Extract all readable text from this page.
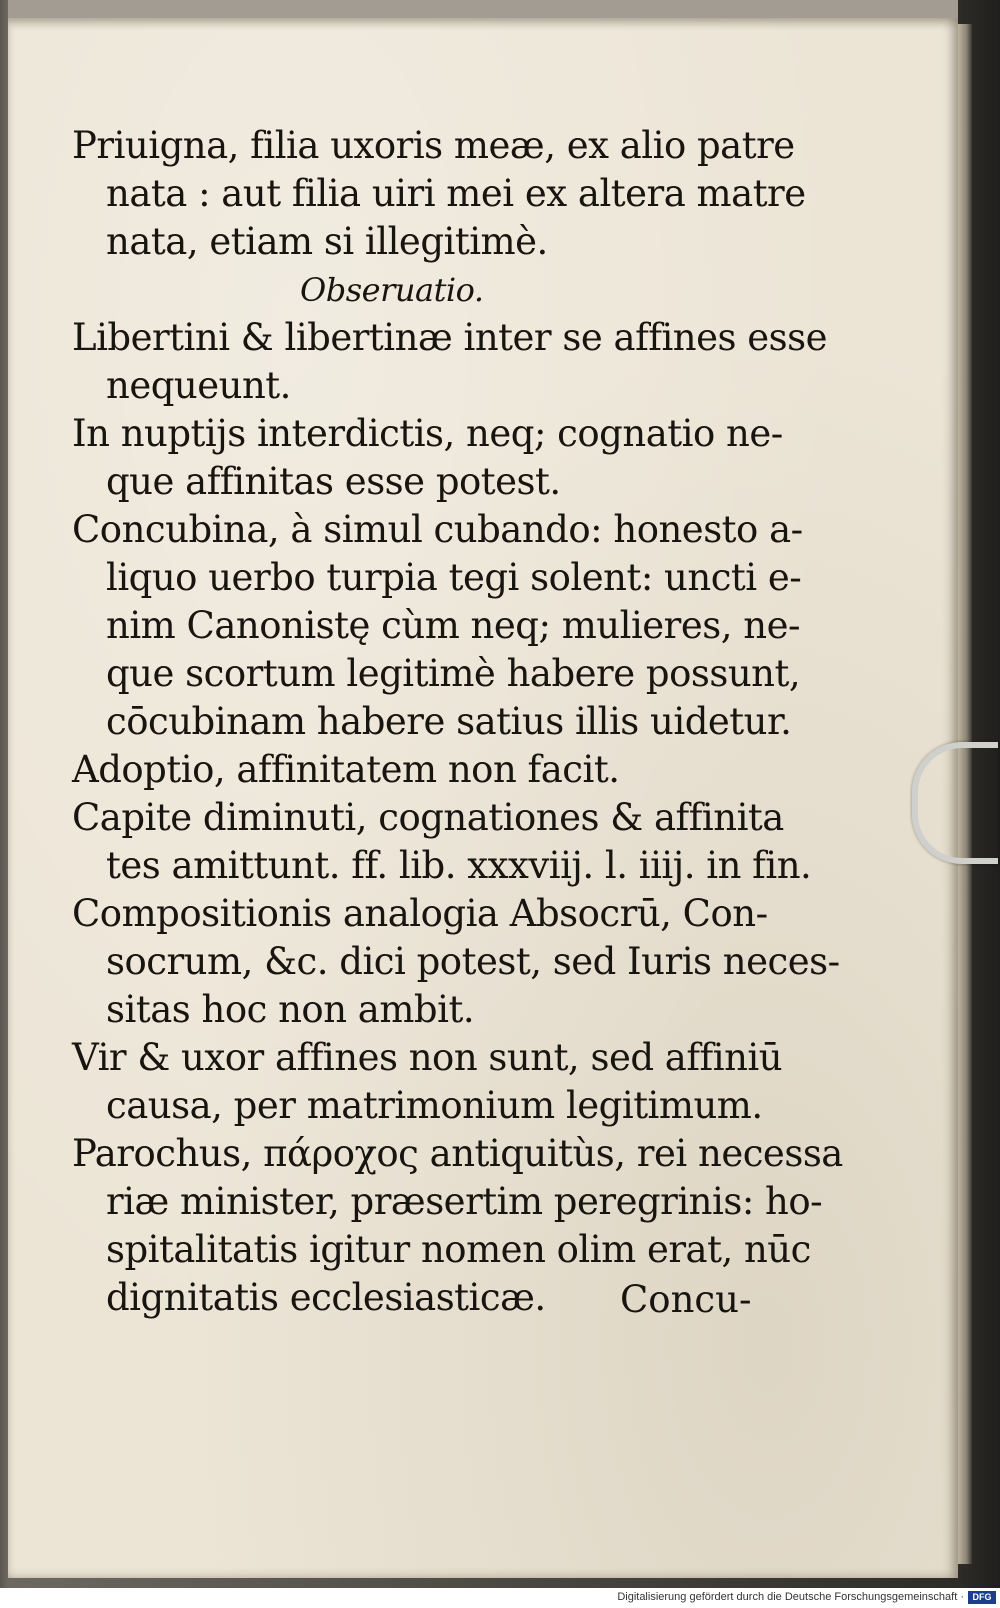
Priuigna, filia uxoris meæ, ex alio patre
nata : aut filia uiri mei ex altera matre
nata, etiam si illegitimè.
Obseruatio.
Libertini & libertinæ inter se affines esse
nequeunt.
In nuptijs interdictis, neq; cognatio ne-
que affinitas esse potest.
Concubina, à simul cubando: honesto a-
liquo uerbo turpia tegi solent: uncti e-
nim Canonistę cùm neq; mulieres, ne-
que scortum legitimè habere possunt,
cōcubinam habere satius illis uidetur.
Adoptio, affinitatem non facit.
Capite diminuti, cognationes & affinita
tes amittunt. ff. lib. xxxviij. l. iiij. in fin.
Compositionis analogia Absocrū, Con-
socrum, &c. dici potest, sed Iuris neces-
sitas hoc non ambit.
Vir & uxor affines non sunt, sed affiniū
causa, per matrimonium legitimum.
Parochus, πάροχος antiquitùs, rei necessa
riæ minister, præsertim peregrinis: ho-
spitalitatis igitur nomen olim erat, nūc
dignitatis ecclesiasticæ.	Concu-
Digitalisierung gefördert durch die Deutsche Forschungsgemeinschaft · DFG
